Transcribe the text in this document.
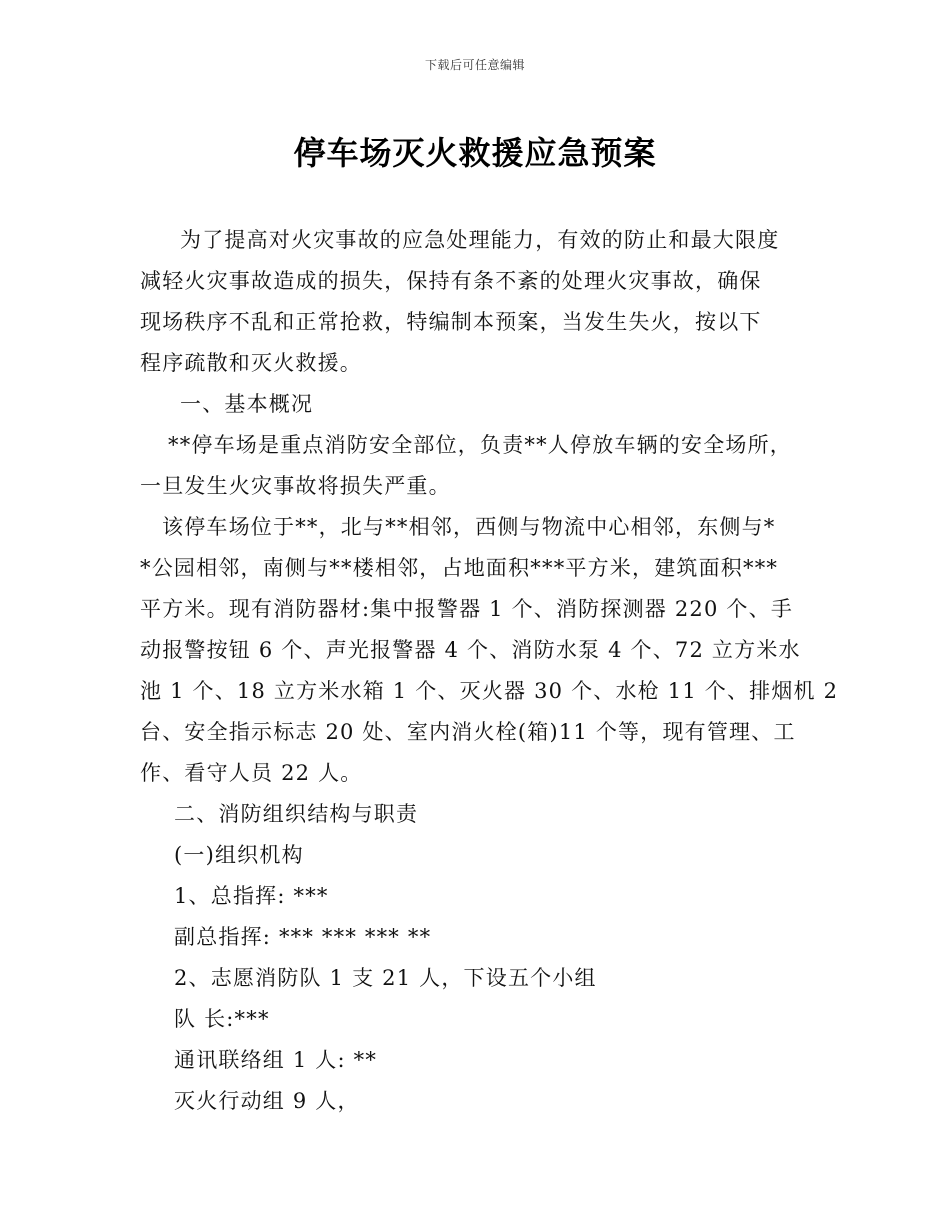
下载后可任意编辑
停车场灭火救援应急预案
为了提高对火灾事故的应急处理能力，有效的防止和最大限度
减轻火灾事故造成的损失，保持有条不紊的处理火灾事故，确保
现场秩序不乱和正常抢救，特编制本预案，当发生失火，按以下
程序疏散和灭火救援。
一、基本概况
**停车场是重点消防安全部位，负责**人停放车辆的安全场所，
一旦发生火灾事故将损失严重。
该停车场位于**，北与**相邻，西侧与物流中心相邻，东侧与*
*公园相邻，南侧与**楼相邻，占地面积***平方米，建筑面积***
平方米。现有消防器材:集中报警器 1 个、消防探测器 220 个、手
动报警按钮 6 个、声光报警器 4 个、消防水泵 4 个、72 立方米水
池 1 个、18 立方米水箱 1 个、灭火器 30 个、水枪 11 个、排烟机 2
台、安全指示标志 20 处、室内消火栓(箱)11 个等，现有管理、工
作、看守人员 22 人。
二、消防组织结构与职责
(一)组织机构
1、总指挥: ***
副总指挥: *** *** *** **
2、志愿消防队 1 支 21 人，下设五个小组
队 长:***
通讯联络组 1 人: **
灭火行动组 9 人，
